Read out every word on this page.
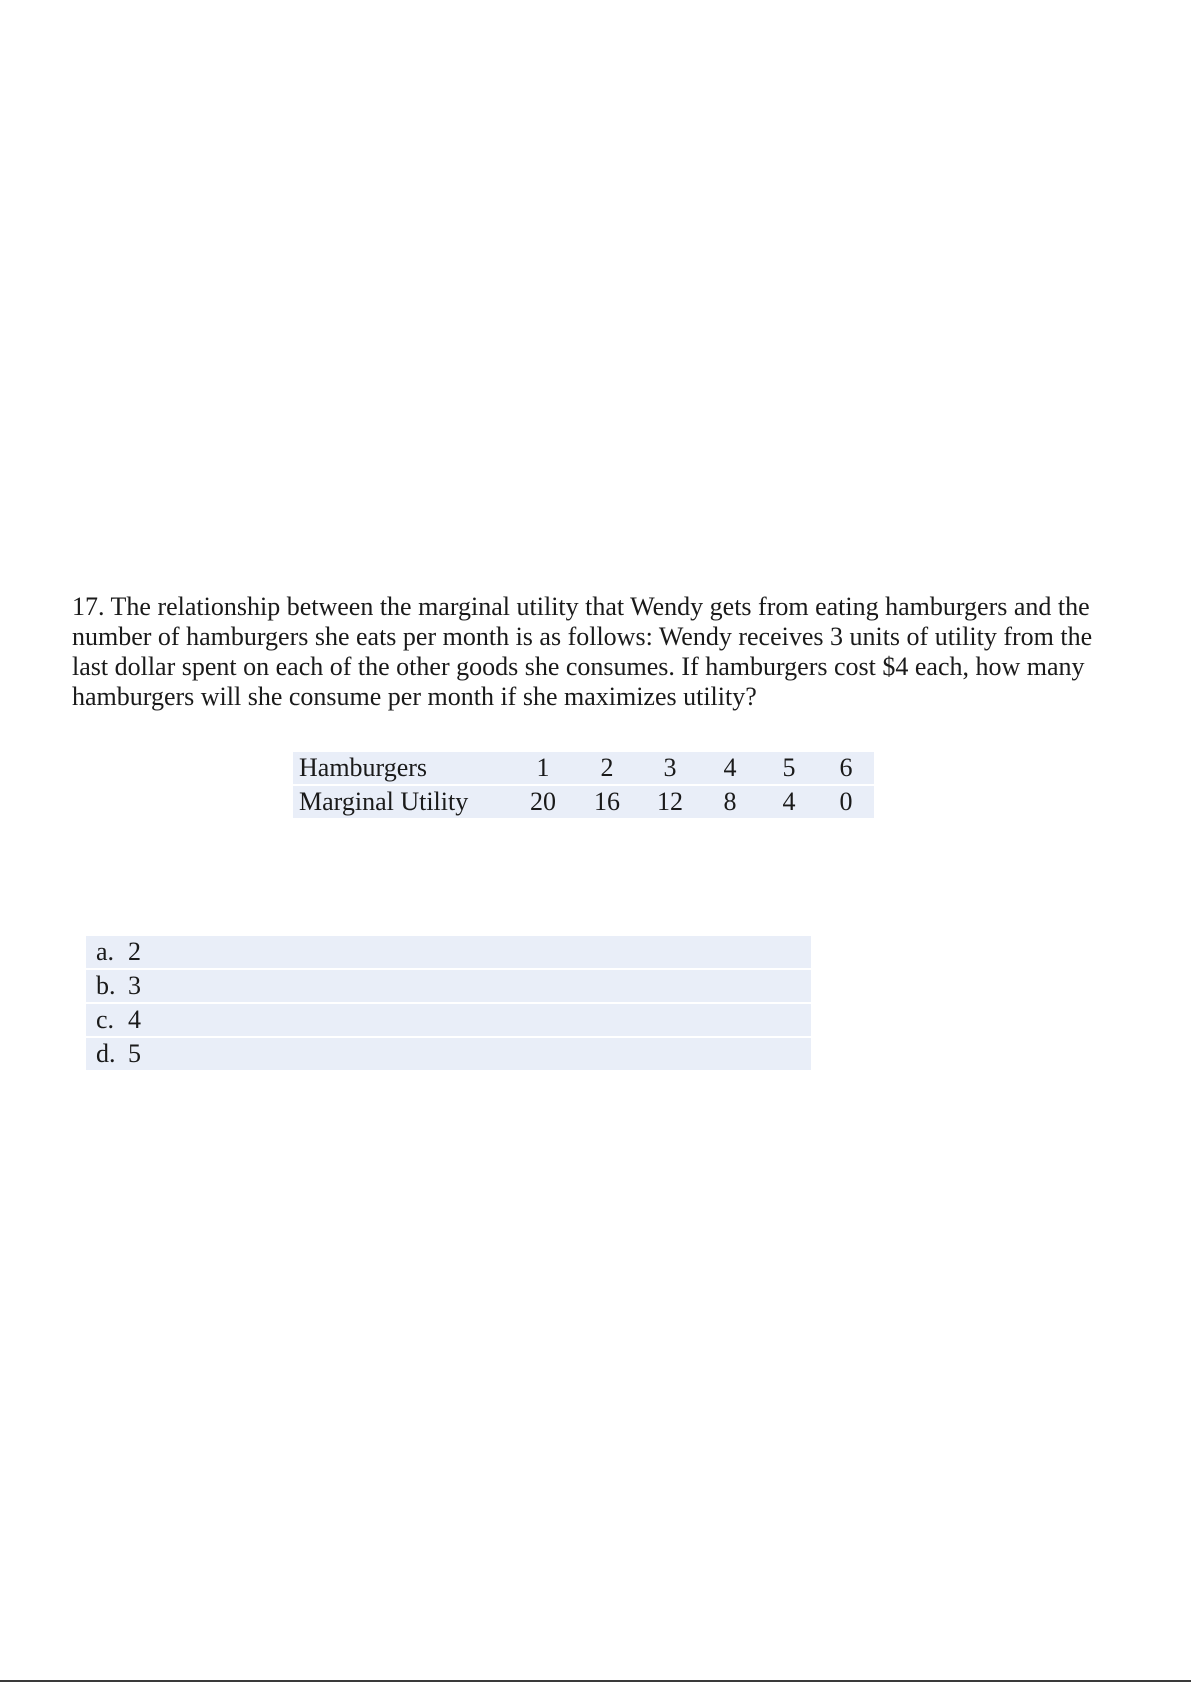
17. The relationship between the marginal utility that Wendy gets from eating hamburgers and the number of hamburgers she eats per month is as follows: Wendy receives 3 units of utility from the last dollar spent on each of the other goods she consumes. If hamburgers cost $4 each, how many hamburgers will she consume per month if she maximizes utility?

Hamburgers	1	2	3	4	5	6
Marginal Utility	20	16	12	8	4	0
a. 2
b. 3
c. 4
d. 5
